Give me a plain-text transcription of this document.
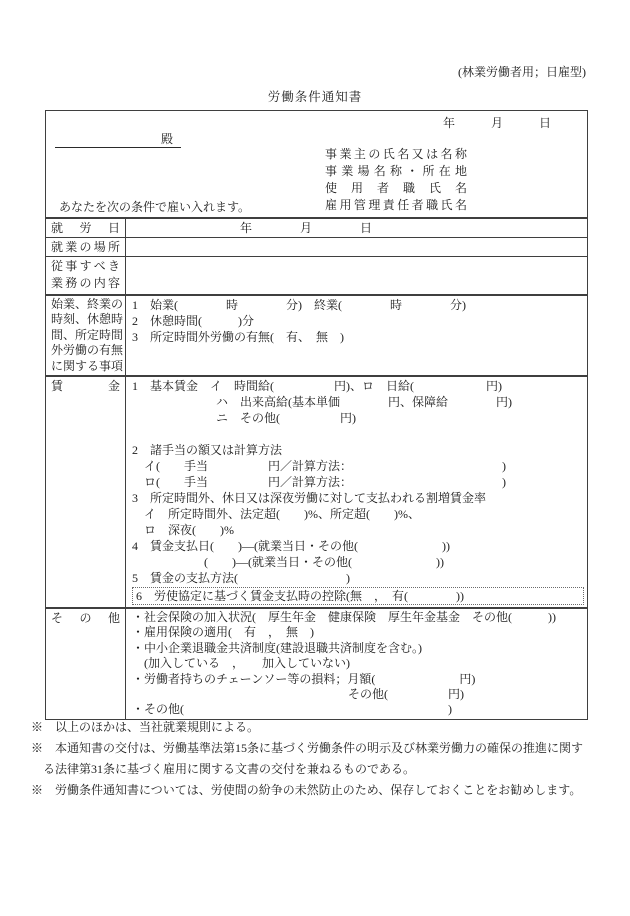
(林業労働者用；日雇型)
労働条件通知書
年　　　月　　　日
殿
事業主の氏名又は名称
事業場名称・所在地
使用者職氏名
雇用管理責任者職氏名
あなたを次の条件で雇い入れます。
就労日 　　　　　　　　　年　　　　月　　　　日
就業の場所
従事すべき
業務の内容
始業、終業の
時刻、休憩時
間、所定時間
外労働の有無
に関する事項
1　始業(　　　　時　　　　分)　終業(　　　　時　　　　分)
2　休憩時間(　　　)分
3　所定時間外労働の有無(　有、　無　)
賃金 1　基本賃金　イ　時間給(　　　　　円)、ロ　日給(　　　　　　円)
　　　　　　　ハ　出来高給(基本単価　　　　円、保障給　　　　円)
　　　　　　　ニ　その他(　　　　　円)
2　諸手当の額又は計算方法
　イ(　　手当　　　　　円／計算方法：　　　　　　　　　　　　　)
　ロ(　　手当　　　　　円／計算方法：　　　　　　　　　　　　　)
3　所定時間外、休日又は深夜労働に対して支払われる割増賃金率
　イ　所定時間外、法定超(　　)%、所定超(　　)%、
　ロ　深夜(　　)%
4　賃金支払日(　　)―(就業当日・その他(　　　　　　　))
　　　　　　(　　)―(就業当日・その他(　　　　　　　))
5　賃金の支払方法(　　　　　　　　　)
6　労使協定に基づく賃金支払時の控除(無　，　有(　　　　))
その他 ・社会保険の加入状況(　厚生年金　健康保険　厚生年金基金　その他(　　　))
・雇用保険の適用(　有　，　無　)
・中小企業退職金共済制度(建設退職共済制度を含む。)
　(加入している　，　　加入していない)
・労働者持ちのチェーンソー等の損料；月額(　　　　　　　円)
　　　　　　　　　　　　　　　　　　その他(　　　　　円)
・その他(　　　　　　　　　　　　　　　　　　　　　　)
※　以上のほかは、当社就業規則による。
※　本通知書の交付は、労働基準法第15条に基づく労働条件の明示及び林業労働力の確保の推進に関す
　る法律第31条に基づく雇用に関する文書の交付を兼ねるものである。
※　労働条件通知書については、労使間の紛争の未然防止のため、保存しておくことをお勧めします。
